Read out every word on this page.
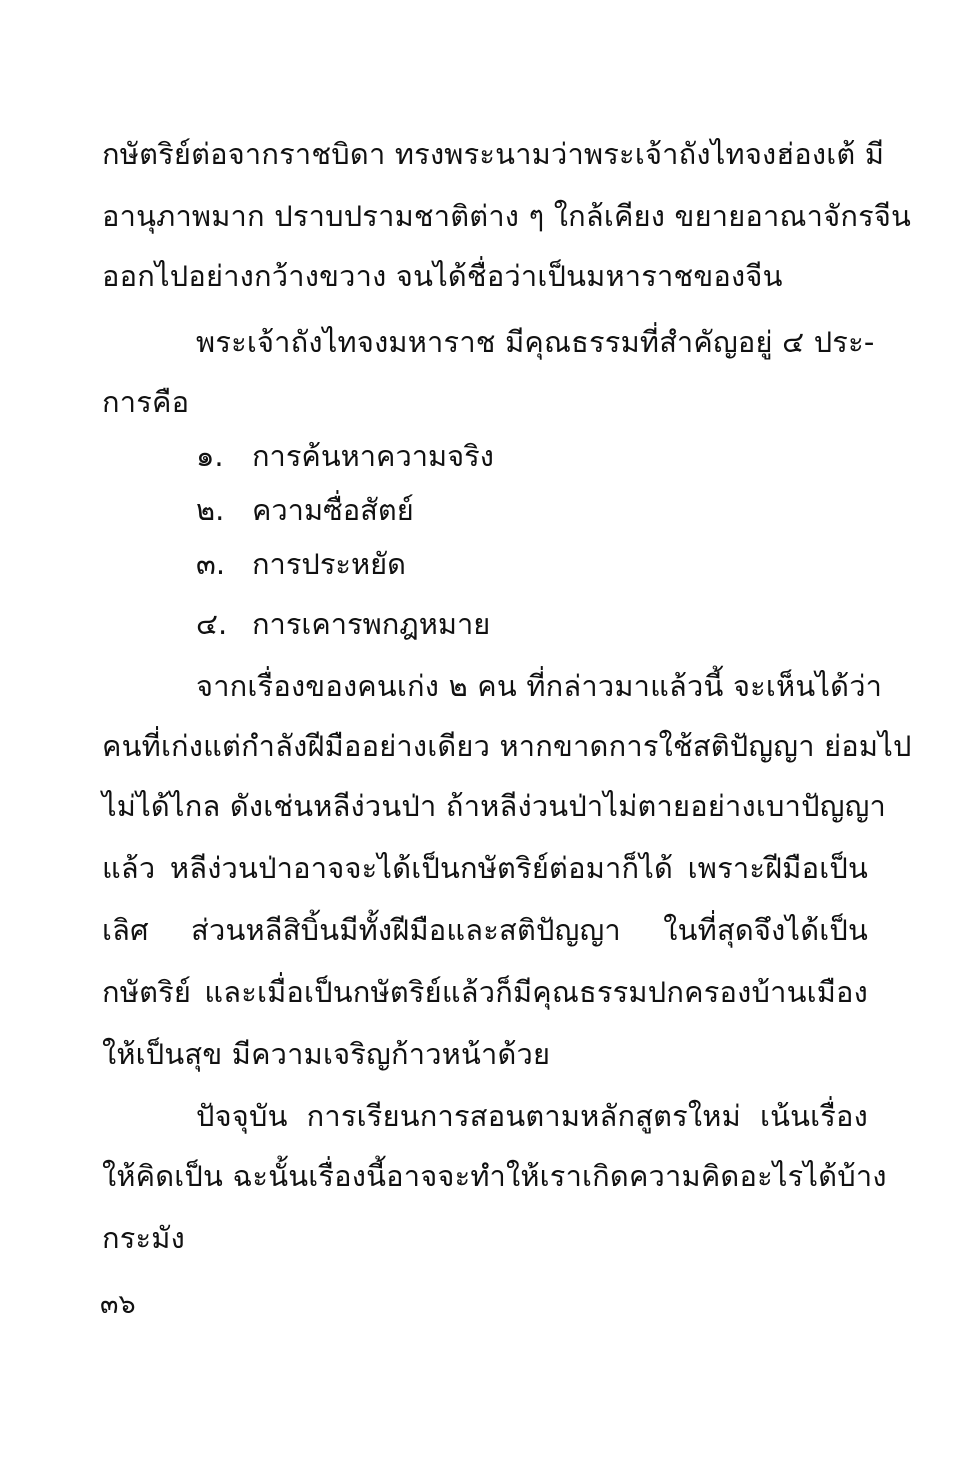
กษัตริย์ต่อจากราชบิดา ทรงพระนามว่าพระเจ้าถังไทจงฮ่องเต้ มี
อานุภาพมาก ปราบปรามชาติต่าง ๆ ใกล้เคียง ขยายอาณาจักรจีน
ออกไปอย่างกว้างขวาง จนได้ชื่อว่าเป็นมหาราชของจีน
พระเจ้าถังไทจงมหาราช มีคุณธรรมที่สำคัญอยู่ ๔ ประ-
การคือ
๑. การค้นหาความจริง
๒. ความซื่อสัตย์
๓. การประหยัด
๔. การเคารพกฎหมาย
จากเรื่องของคนเก่ง ๒ คน ที่กล่าวมาแล้วนี้ จะเห็นได้ว่า
คนที่เก่งแต่กำลังฝีมืออย่างเดียว หากขาดการใช้สติปัญญา ย่อมไป
ไม่ได้ไกล ดังเช่นหลีง่วนป่า ถ้าหลีง่วนป่าไม่ตายอย่างเบาปัญญา
แล้ว หลีง่วนป่าอาจจะได้เป็นกษัตริย์ต่อมาก็ได้ เพราะฝีมือเป็น
เลิศ ส่วนหลีสิบิ้นมีทั้งฝีมือและสติปัญญา ในที่สุดจึงได้เป็น
กษัตริย์ และเมื่อเป็นกษัตริย์แล้วก็มีคุณธรรมปกครองบ้านเมือง
ให้เป็นสุข มีความเจริญก้าวหน้าด้วย
ปัจจุบัน การเรียนการสอนตามหลักสูตรใหม่ เน้นเรื่อง
ให้คิดเป็น ฉะนั้นเรื่องนี้อาจจะทำให้เราเกิดความคิดอะไรได้บ้าง
กระมัง
๓๖
